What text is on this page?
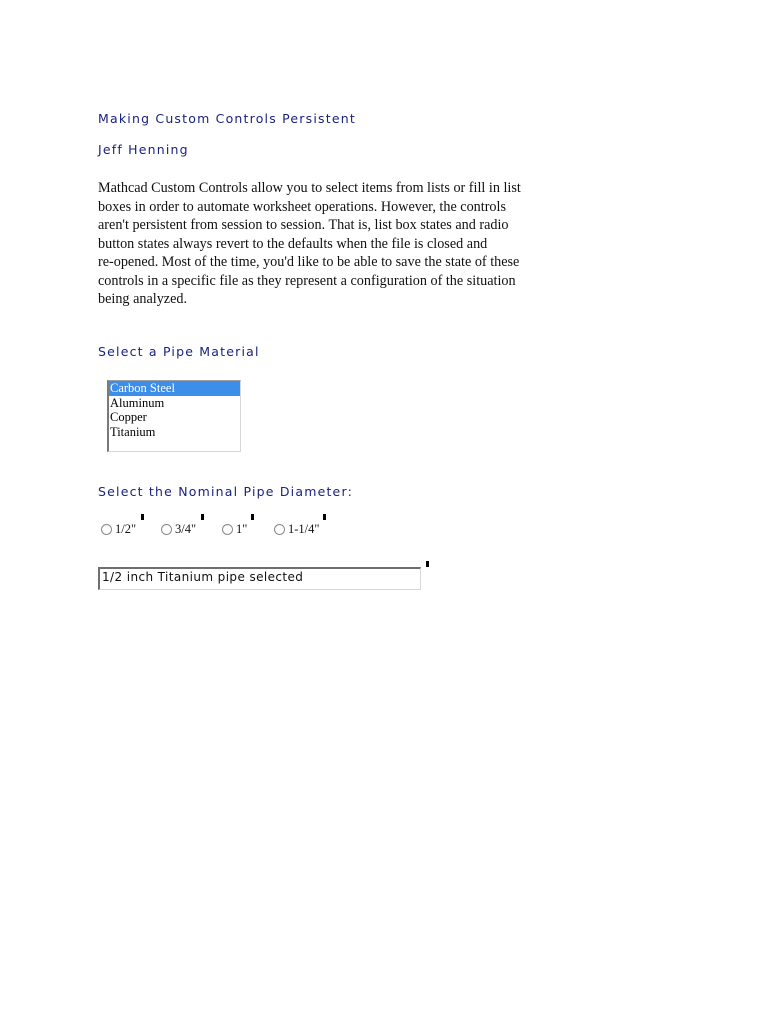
Making Custom Controls Persistent
Jeff Henning
Mathcad Custom Controls allow you to select items from lists or fill in list
boxes in order to automate worksheet operations. However, the controls
aren't persistent from session to session. That is, list box states and radio
button states always revert to the defaults when the file is closed and
re-opened. Most of the time, you'd like to be able to save the state of these
controls in a specific file as they represent a configuration of the situation
being analyzed.
Select a Pipe Material
Carbon Steel
Aluminum
Copper
Titanium
Select the Nominal Pipe Diameter:
1/2"	3/4"	1"	1-1/4"
1/2 inch Titanium pipe selected
